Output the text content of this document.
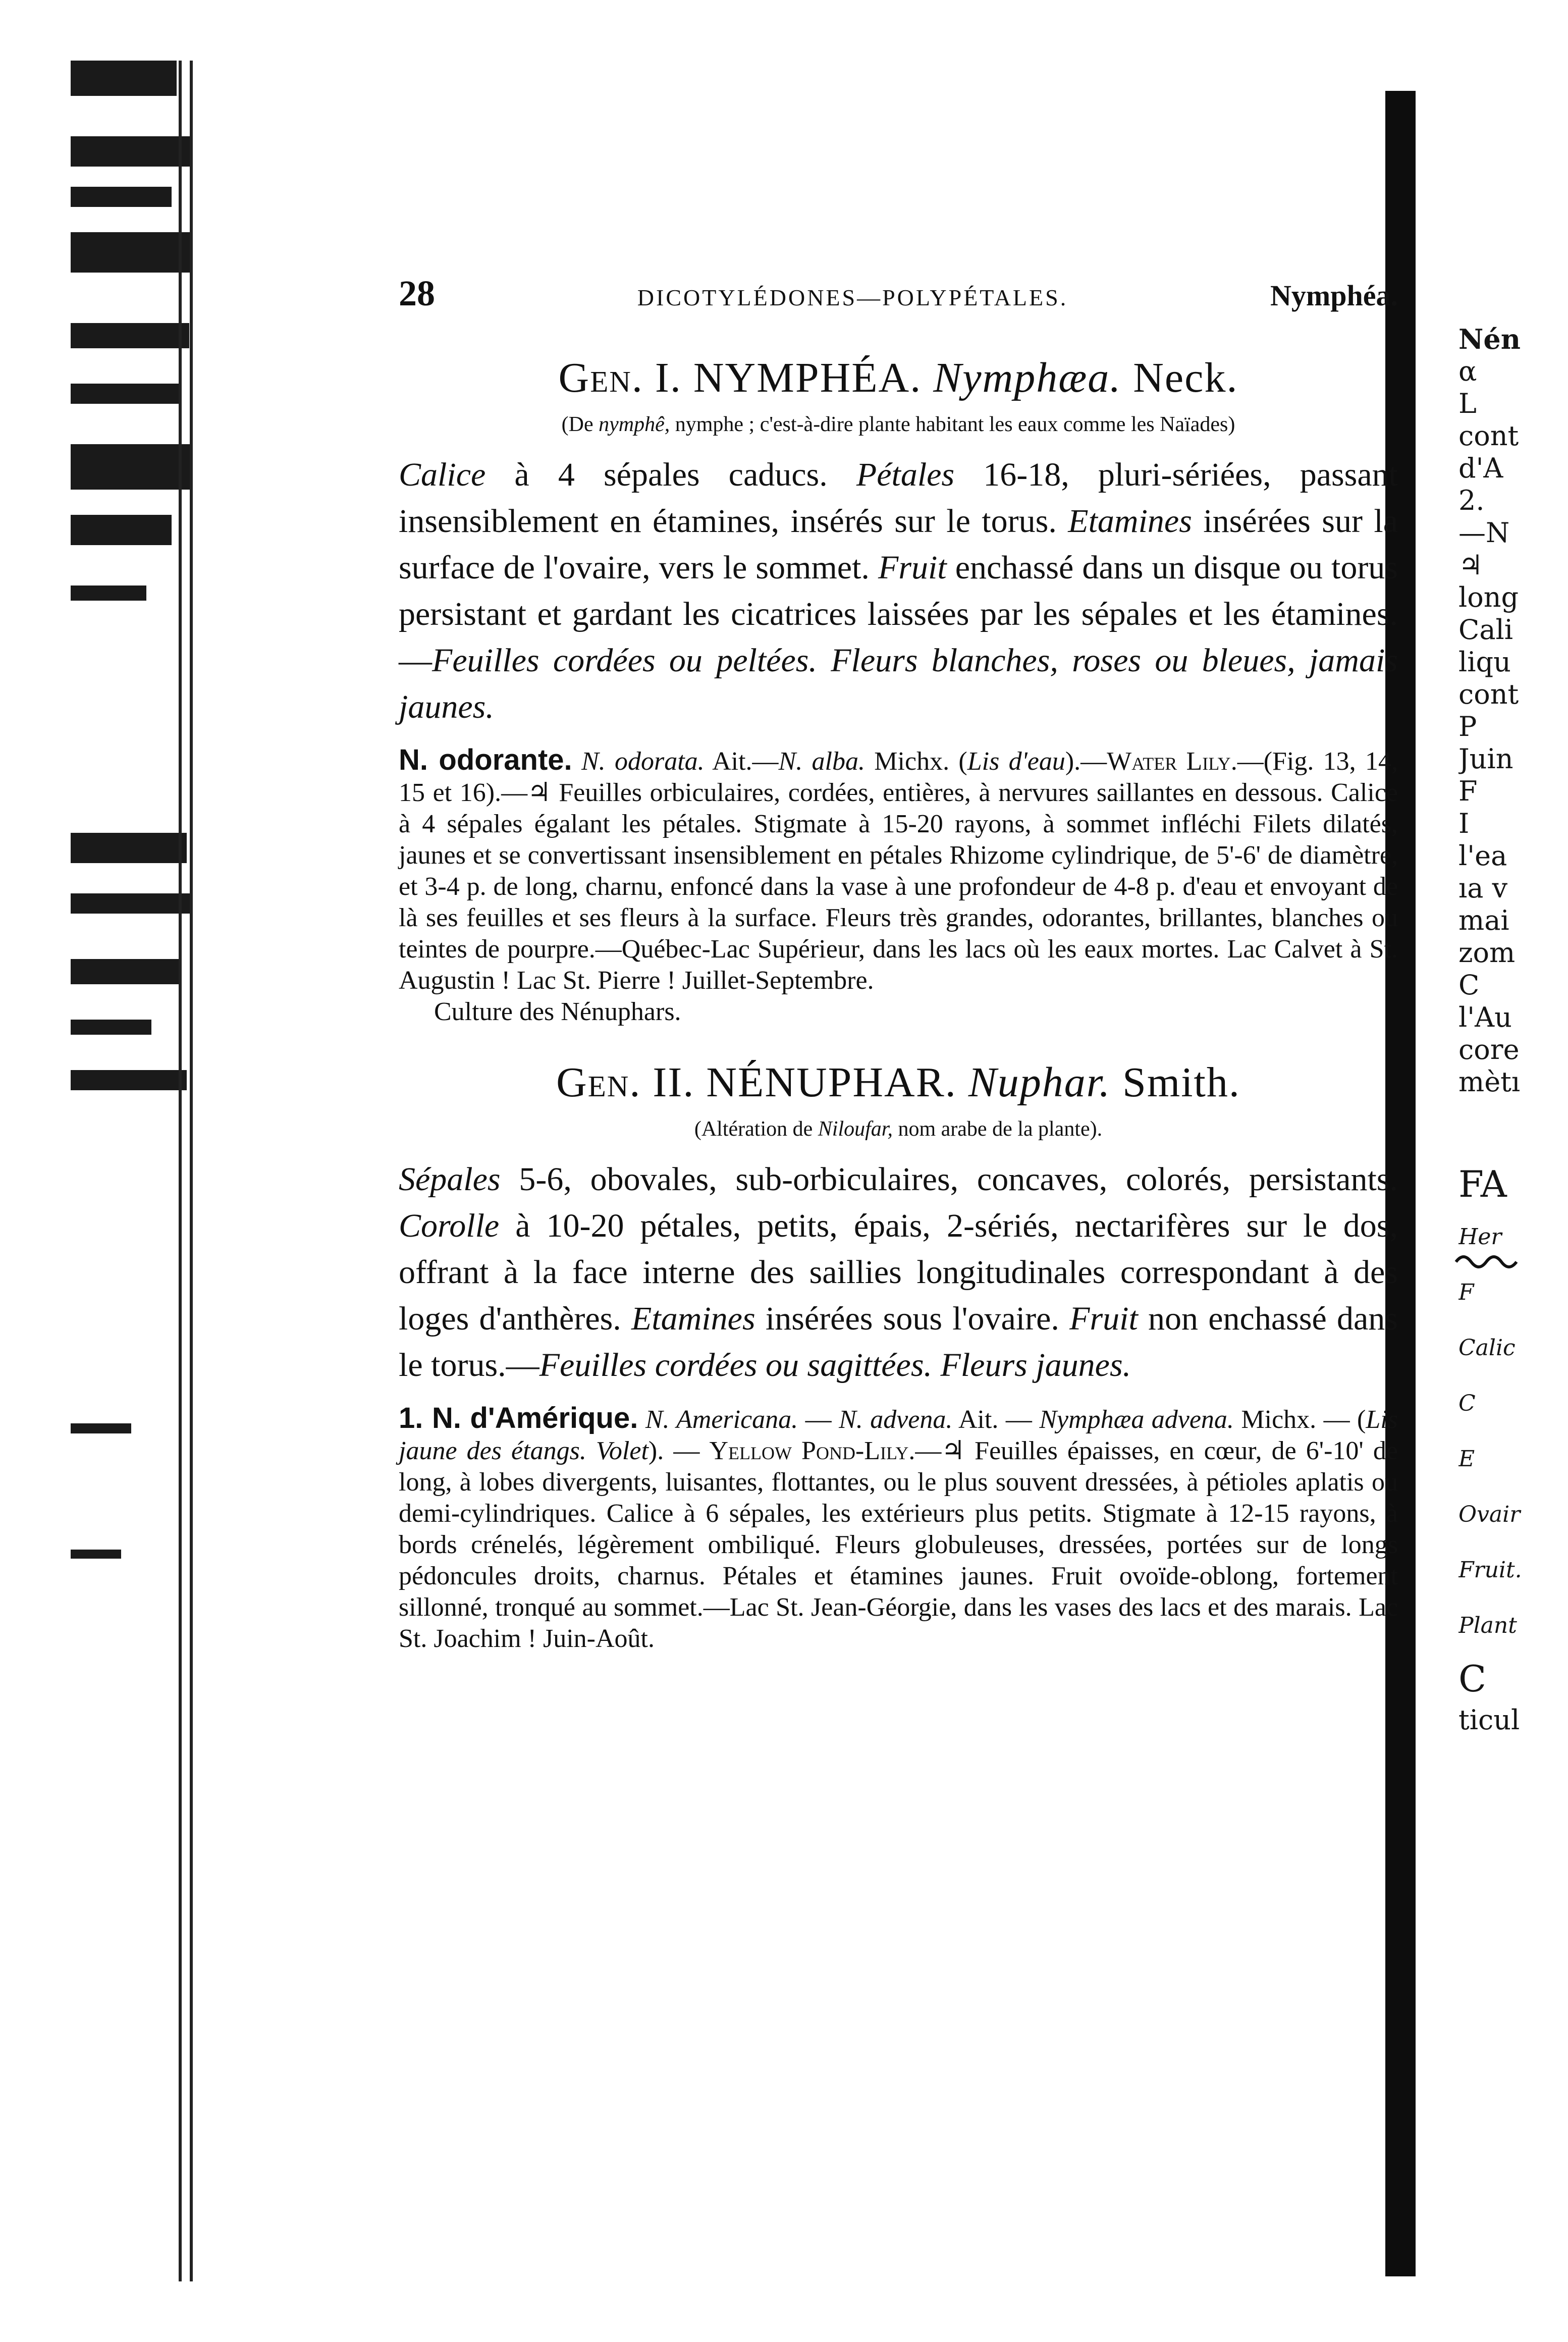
28	DICOTYLÉDONES—POLYPÉTALES.	Nymphéa.
Gen. I. NYMPHÉA. Nymphæa. Neck.
(De nymphê, nymphe ; c'est-à-dire plante habitant les eaux comme les Naïades)

Calice à 4 sépales caducs. Pétales 16-18, pluri-sériées, passant insensiblement en étamines, insérés sur le torus. Etamines insérées sur la surface de l'ovaire, vers le sommet. Fruit enchassé dans un disque ou torus persistant et gardant les cicatrices laissées par les sépales et les étamines.—Feuilles cordées ou peltées. Fleurs blanches, roses ou bleues, jamais jaunes.

N. odorante. N. odorata. Ait.—N. alba. Michx. (Lis d'eau).—Water Lily.—(Fig. 13, 14, 15 et 16).—♃ Feuilles orbiculaires, cordées, entières, à nervures saillantes en dessous. Calice à 4 sépales égalant les pétales. Stigmate à 15-20 rayons, à sommet infléchi Filets dilatés, jaunes et se convertissant insensiblement en pétales Rhizome cylindrique, de 5'-6' de diamètre, et 3-4 p. de long, charnu, enfoncé dans la vase à une profondeur de 4-8 p. d'eau et envoyant de là ses feuilles et ses fleurs à la surface. Fleurs très grandes, odorantes, brillantes, blanches ou teintes de pourpre.—Québec-Lac Supérieur, dans les lacs où les eaux mortes. Lac Calvet à St. Augustin ! Lac St. Pierre ! Juillet-Septembre.

Culture des Nénuphars.
Gen. II. NÉNUPHAR. Nuphar. Smith.
(Altération de Niloufar, nom arabe de la plante).

Sépales 5-6, obovales, sub-orbiculaires, concaves, colorés, persistants. Corolle à 10-20 pétales, petits, épais, 2-sériés, nectarifères sur le dos, offrant à la face interne des saillies longitudinales correspondant à des loges d'anthères. Etamines insérées sous l'ovaire. Fruit non enchassé dans le torus.—Feuilles cordées ou sagittées. Fleurs jaunes.

1. N. d'Amérique. N. Americana. — N. advena. Ait. — Nymphæa advena. Michx. — (Lis jaune des étangs. Volet). — Yellow Pond-Lily.—♃ Feuilles épaisses, en cœur, de 6'-10' de long, à lobes divergents, luisantes, flottantes, ou le plus souvent dressées, à pétioles aplatis ou demi-cylindriques. Calice à 6 sépales, les extérieurs plus petits. Stigmate à 12-15 rayons, à bords crénelés, légèrement ombiliqué. Fleurs globuleuses, dressées, portées sur de longs pédoncules droits, charnus. Pétales et étamines jaunes. Fruit ovoïde-oblong, fortement sillonné, tronqué au sommet.—Lac St. Jean-Géorgie, dans les vases des lacs et des marais. Lac St. Joachim ! Juin-Août.

Nén
α
L
cont
d'A
2.
—N
♃
long
Cali
liqu
cont
P
Juin
F
I
l'ea
ıa v
mai
zom
C
l'Au
core
mètı
FA
Her
F
Calic
C
E
Ovair
Fruit.
Plant
C
ticul
